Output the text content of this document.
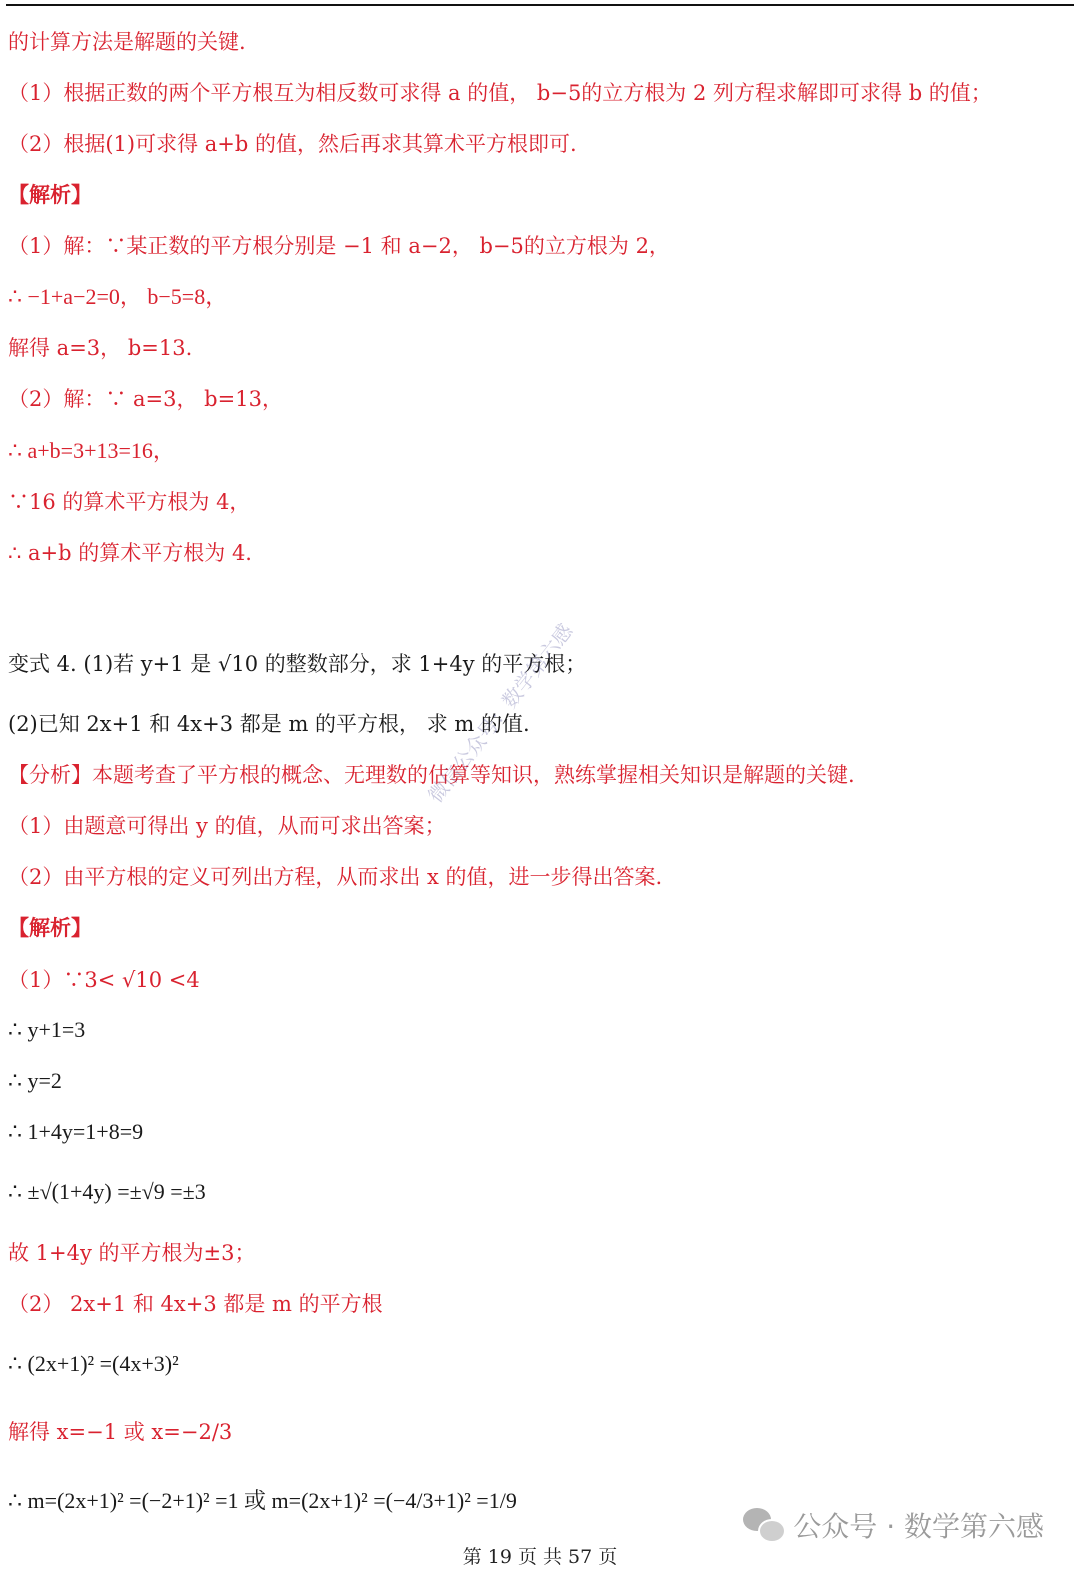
的计算方法是解题的关键.
（1）根据正数的两个平方根互为相反数可求得 a 的值， b−5的立方根为 2 列方程求解即可求得 b 的值；
（2）根据(1)可求得 a+b 的值，然后再求其算术平方根即可.
【解析】
（1）解：∵某正数的平方根分别是 −1 和 a−2， b−5的立方根为 2，
∴ −1+a−2=0， b−5=8，
解得 a=3， b=13.
（2）解：∵ a=3， b=13，
∴ a+b=3+13=16，
∵16 的算术平方根为 4，
∴ a+b 的算术平方根为 4.
变式 4. (1)若 y+1 是 √10 的整数部分，求 1+4y 的平方根；
(2)已知 2x+1 和 4x+3 都是 m 的平方根， 求 m 的值.
【分析】本题考查了平方根的概念、无理数的估算等知识，熟练掌握相关知识是解题的关键.
（1）由题意可得出 y 的值，从而可求出答案；
（2）由平方根的定义可列出方程，从而求出 x 的值，进一步得出答案.
【解析】
（1）∵3< √10 <4
∴ y+1=3
∴ y=2
∴ 1+4y=1+8=9
∴ ±√(1+4y) =±√9 =±3
故 1+4y 的平方根为±3；
（2） 2x+1 和 4x+3 都是 m 的平方根
∴ (2x+1)² =(4x+3)²
解得 x=−1 或 x=−2/3
∴ m=(2x+1)² =(−2+1)² =1 或 m=(2x+1)² =(−4/3+1)² =1/9
微信公众号：数学第六感
公众号 · 数学第六感
第 19 页 共 57 页
